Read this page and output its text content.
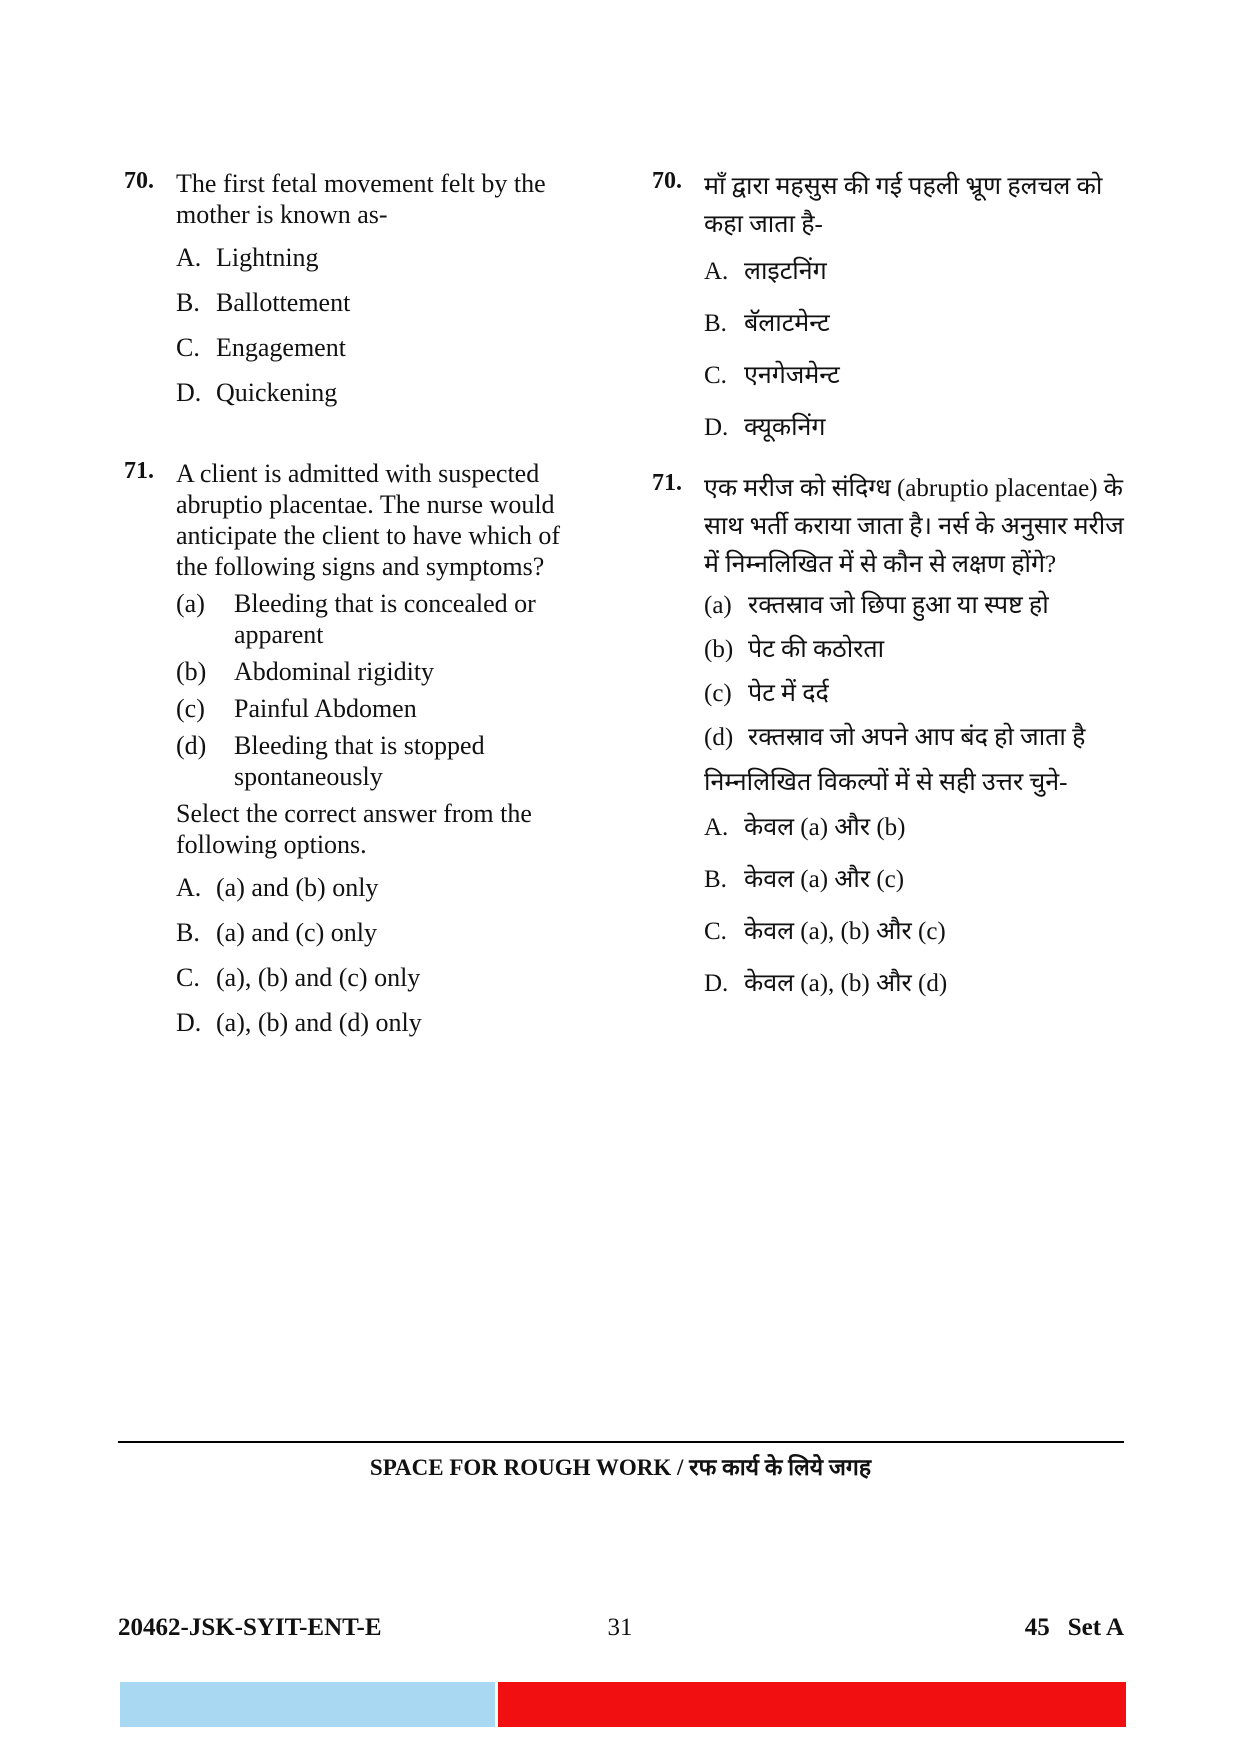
70. The first fetal movement felt by the
mother is known as-
A. Lightning
B. Ballottement
C. Engagement
D. Quickening
71. A client is admitted with suspected
abruptio placentae. The nurse would
anticipate the client to have which of
the following signs and symptoms?
(a) Bleeding that is concealed or
apparent
(b) Abdominal rigidity
(c) Painful Abdomen
(d) Bleeding that is stopped
spontaneously
Select the correct answer from the
following options.
A. (a) and (b) only
B. (a) and (c) only
C. (a), (b) and (c) only
D. (a), (b) and (d) only
70. माँ द्वारा महसुस की गई पहली भ्रूण हलचल को
कहा जाता है-
A. लाइटनिंग
B. बॅलाटमेन्ट
C. एनगेजमेन्ट
D. क्यूकनिंग
71. एक मरीज को संदिग्ध (abruptio placentae) के
साथ भर्ती कराया जाता है। नर्स के अनुसार मरीज
में निम्नलिखित में से कौन से लक्षण होंगे?
(a) रक्तस्राव जो छिपा हुआ या स्पष्ट हो
(b) पेट की कठोरता
(c) पेट में दर्द
(d) रक्तस्राव जो अपने आप बंद हो जाता है
निम्नलिखित विकल्पों में से सही उत्तर चुने-
A. केवल (a) और (b)
B. केवल (a) और (c)
C. केवल (a), (b) और (c)
D. केवल (a), (b) और (d)
SPACE FOR ROUGH WORK / रफ कार्य के लिये जगह
20462-JSK-SYIT-ENT-E	31	45 Set A
